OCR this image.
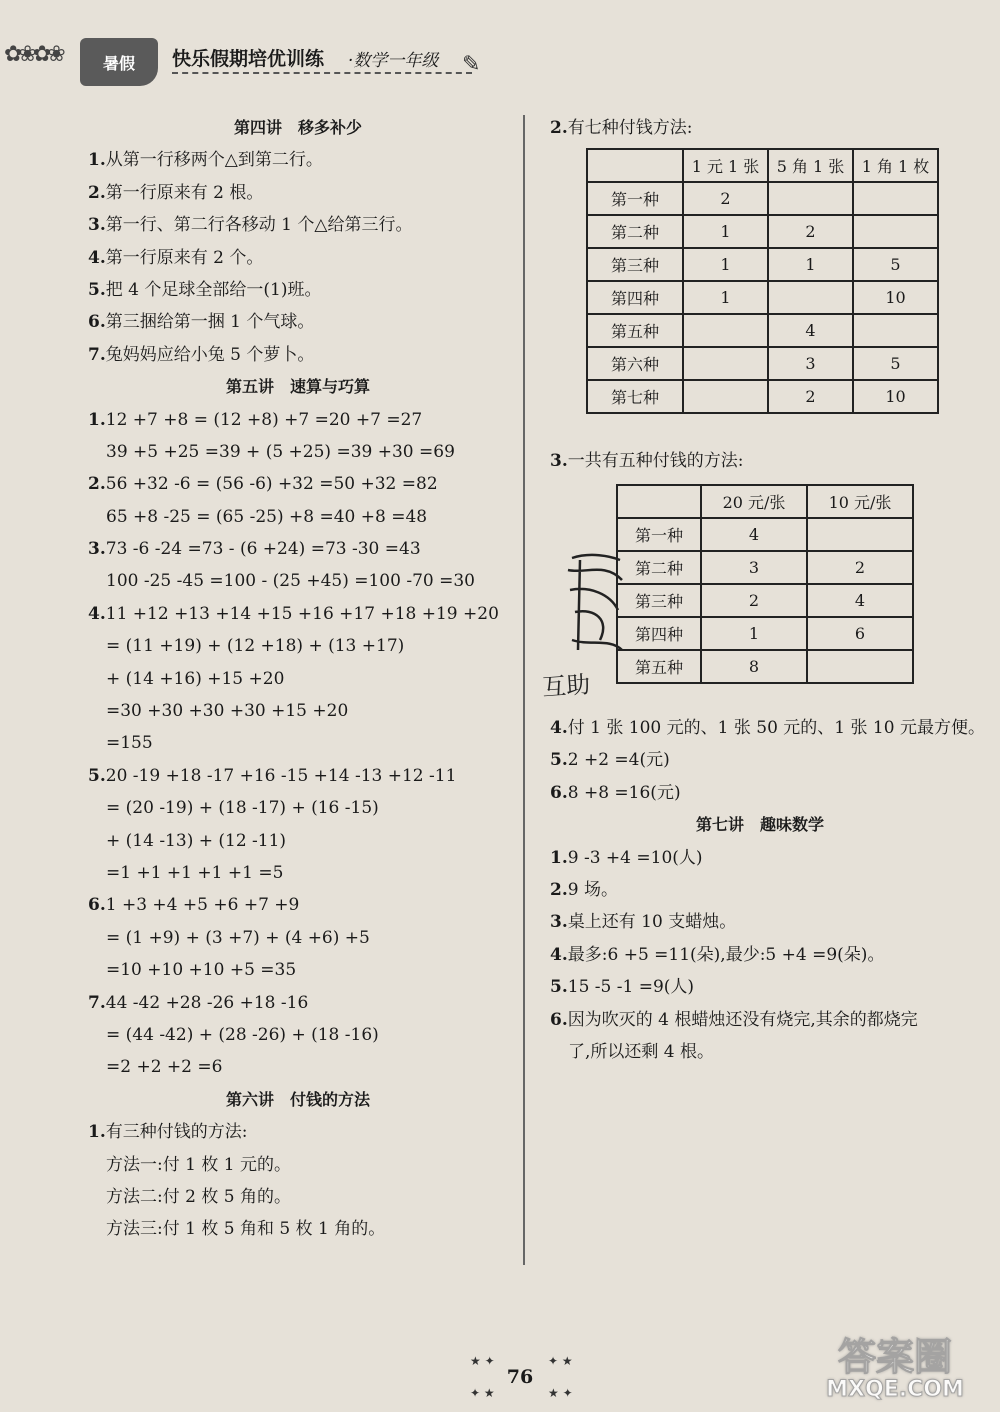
✿❀✿❀	暑假	快乐假期培优训练 ·数学一年级 ✎
第四讲　移多补少
1.从第一行移两个△到第二行。
2.第一行原来有 2 根。
3.第一行、第二行各移动 1 个△给第三行。
4.第一行原来有 2 个。
5.把 4 个足球全部给一(1)班。
6.第三捆给第一捆 1 个气球。
7.兔妈妈应给小兔 5 个萝卜。
第五讲　速算与巧算
1.12 +7 +8 = (12 +8) +7 =20 +7 =27
39 +5 +25 =39 + (5 +25) =39 +30 =69
2.56 +32 -6 = (56 -6) +32 =50 +32 =82
65 +8 -25 = (65 -25) +8 =40 +8 =48
3.73 -6 -24 =73 - (6 +24) =73 -30 =43
100 -25 -45 =100 - (25 +45) =100 -70 =30
4.11 +12 +13 +14 +15 +16 +17 +18 +19 +20
= (11 +19) + (12 +18) + (13 +17)
+ (14 +16) +15 +20
=30 +30 +30 +30 +15 +20
=155
5.20 -19 +18 -17 +16 -15 +14 -13 +12 -11
= (20 -19) + (18 -17) + (16 -15)
+ (14 -13) + (12 -11)
=1 +1 +1 +1 +1 =5
6.1 +3 +4 +5 +6 +7 +9
= (1 +9) + (3 +7) + (4 +6) +5
=10 +10 +10 +5 =35
7.44 -42 +28 -26 +18 -16
= (44 -42) + (28 -26) + (18 -16)
=2 +2 +2 =6
第六讲　付钱的方法
1.有三种付钱的方法:
方法一:付 1 枚 1 元的。
方法二:付 2 枚 5 角的。
方法三:付 1 枚 5 角和 5 枚 1 角的。
2.有七种付钱方法:
	1 元 1 张	5 角 1 张	1 角 1 枚
第一种	2		
第二种	1	2	
第三种	1	1	5
第四种	1		10
第五种		4	
第六种		3	5
第七种		2	10
3.一共有五种付钱的方法:
	20 元/张	10 元/张
第一种	4	
第二种	3	2
第三种	2	4
第四种	1	6
第五种	8	
互助
4.付 1 张 100 元的、1 张 50 元的、1 张 10 元最方便。
5.2 +2 =4(元)
6.8 +8 =16(元)
第七讲　趣味数学
1.9 -3 +4 =10(人)
2.9 场。
3.桌上还有 10 支蜡烛。
4.最多:6 +5 =11(朵),最少:5 +4 =9(朵)。
5.15 -5 -1 =9(人)
6.因为吹灭的 4 根蜡烛还没有烧完,其余的都烧完
了,所以还剩 4 根。
★ ✦
✦ ★
✦ ★
★ ✦
76	答案圈
MXQE.COM
